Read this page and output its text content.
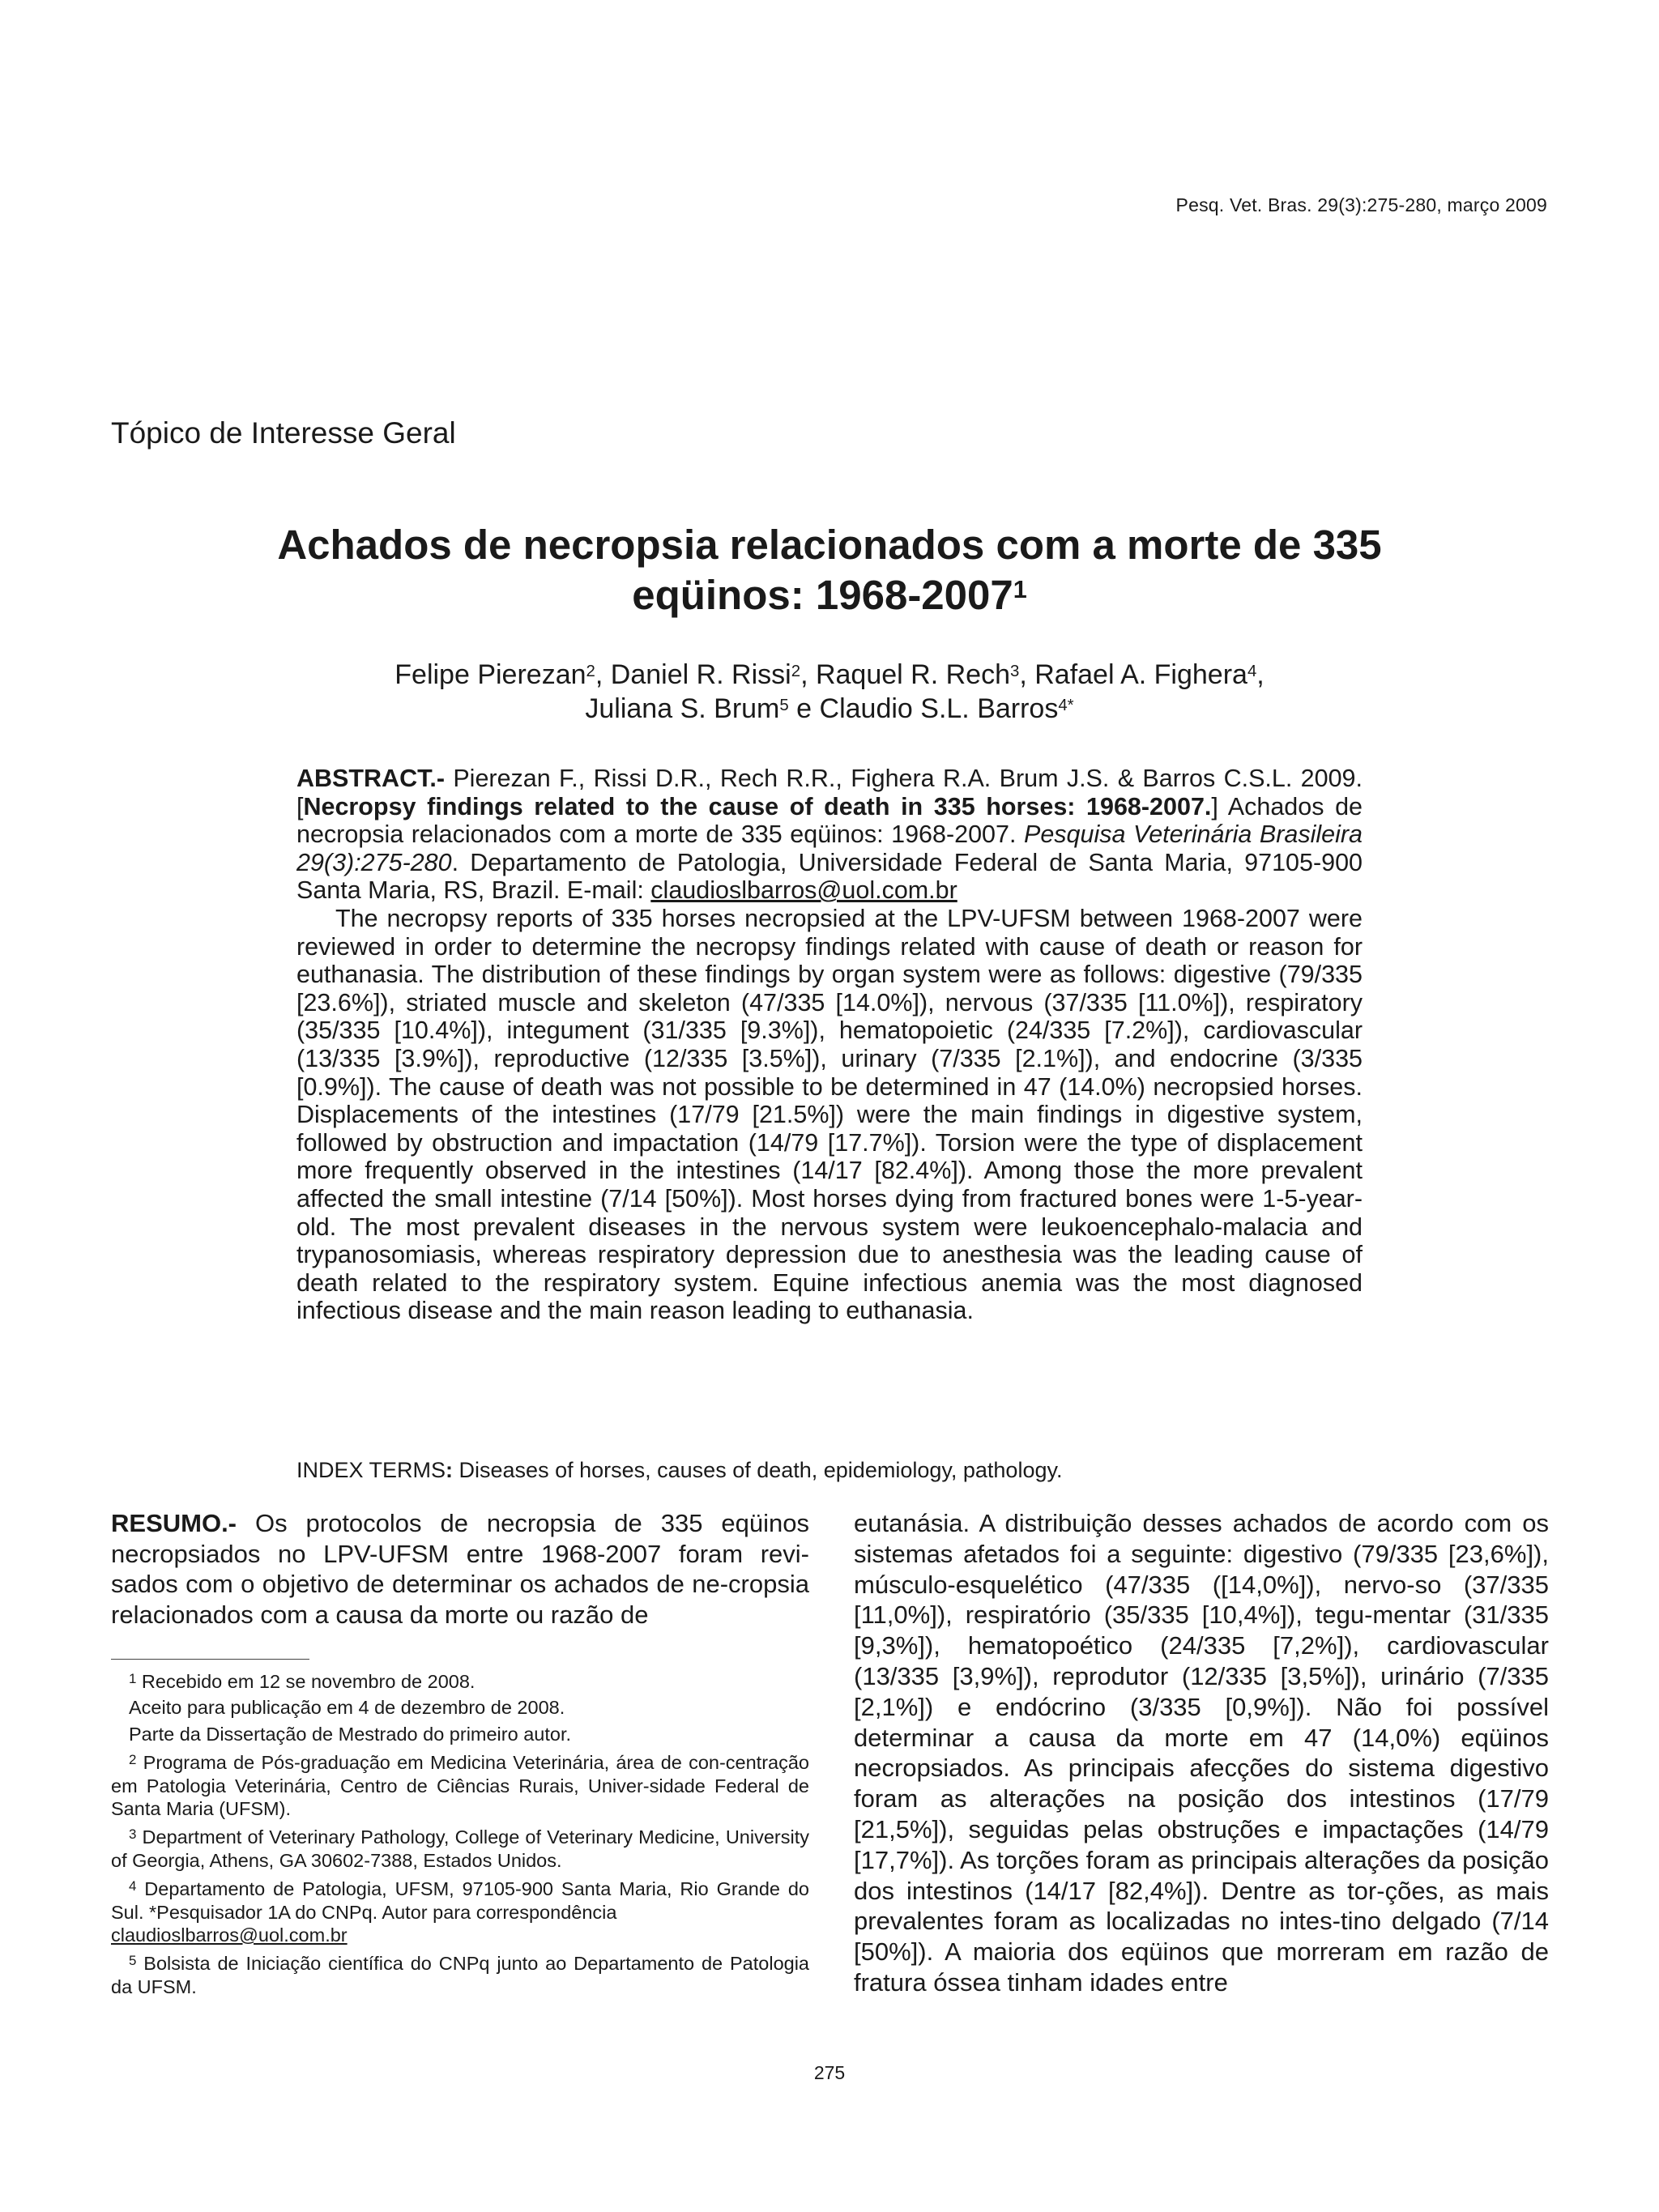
Pesq. Vet. Bras. 29(3):275-280, março 2009
Tópico de Interesse Geral
Achados de necropsia relacionados com a morte de 335
eqüinos: 1968-2007$^1$
Felipe Pierezan$^2$, Daniel R. Rissi$^2$, Raquel R. Rech$^3$, Rafael A. Fighera$^4$,
Juliana S. Brum$^5$ e Claudio S.L. Barros$^{4*}$

ABSTRACT.- Pierezan F., Rissi D.R., Rech R.R., Fighera R.A. Brum J.S. & Barros C.S.L. 2009. [Necropsy findings related to the cause of death in 335 horses: 1968-2007.] Achados de necropsia relacionados com a morte de 335 eqüinos: 1968-2007. Pesquisa Veterinária Brasileira 29(3):275-280. Departamento de Patologia, Universidade Federal de Santa Maria, 97105-900 Santa Maria, RS, Brazil. E-mail: claudioslbarros@uol.com.br

The necropsy reports of 335 horses necropsied at the LPV-UFSM between 1968-2007 were reviewed in order to determine the necropsy findings related with cause of death or reason for euthanasia. The distribution of these findings by organ system were as follows: digestive (79/335 [23.6%]), striated muscle and skeleton (47/335 [14.0%]), nervous (37/335 [11.0%]), respiratory (35/335 [10.4%]), integument (31/335 [9.3%]), hematopoietic (24/335 [7.2%]), cardiovascular (13/335 [3.9%]), reproductive (12/335 [3.5%]), urinary (7/335 [2.1%]), and endocrine (3/335 [0.9%]). The cause of death was not possible to be determined in 47 (14.0%) necropsied horses. Displacements of the intestines (17/79 [21.5%]) were the main findings in digestive system, followed by obstruction and impactation (14/79 [17.7%]). Torsion were the type of displacement more frequently observed in the intestines (14/17 [82.4%]). Among those the more prevalent affected the small intestine (7/14 [50%]). Most horses dying from fractured bones were 1-5-year-old. The most prevalent diseases in the nervous system were leukoencephalo-malacia and trypanosomiasis, whereas respiratory depression due to anesthesia was the leading cause of death related to the respiratory system. Equine infectious anemia was the most diagnosed infectious disease and the main reason leading to euthanasia.

INDEX TERMS: Diseases of horses, causes of death, epidemiology, pathology.

RESUMO.- Os protocolos de necropsia de 335 eqüinos necropsiados no LPV-UFSM entre 1968-2007 foram revi-sados com o objetivo de determinar os achados de ne-cropsia relacionados com a causa da morte ou razão de

$^1$ Recebido em 12 se novembro de 2008.

Aceito para publicação em 4 de dezembro de 2008.

Parte da Dissertação de Mestrado do primeiro autor.

$^2$ Programa de Pós-graduação em Medicina Veterinária, área de con-centração em Patologia Veterinária, Centro de Ciências Rurais, Univer-sidade Federal de Santa Maria (UFSM).

$^3$ Department of Veterinary Pathology, College of Veterinary Medicine, University of Georgia, Athens, GA 30602-7388, Estados Unidos.

$^4$ Departamento de Patologia, UFSM, 97105-900 Santa Maria, Rio Grande do Sul. *Pesquisador 1A do CNPq. Autor para correspondência
claudioslbarros@uol.com.br

$^5$ Bolsista de Iniciação científica do CNPq junto ao Departamento de Patologia da UFSM.

eutanásia. A distribuição desses achados de acordo com os sistemas afetados foi a seguinte: digestivo (79/335 [23,6%]), músculo-esquelético (47/335 ([14,0%]), nervo-so (37/335 [11,0%]), respiratório (35/335 [10,4%]), tegu-mentar (31/335 [9,3%]), hematopoético (24/335 [7,2%]), cardiovascular (13/335 [3,9%]), reprodutor (12/335 [3,5%]), urinário (7/335 [2,1%]) e endócrino (3/335 [0,9%]). Não foi possível determinar a causa da morte em 47 (14,0%) eqüinos necropsiados. As principais afecções do sistema digestivo foram as alterações na posição dos intestinos (17/79 [21,5%]), seguidas pelas obstruções e impactações (14/79 [17,7%]). As torções foram as principais alterações da posição dos intestinos (14/17 [82,4%]). Dentre as tor-ções, as mais prevalentes foram as localizadas no intes-tino delgado (7/14 [50%]). A maioria dos eqüinos que morreram em razão de fratura óssea tinham idades entre

275
